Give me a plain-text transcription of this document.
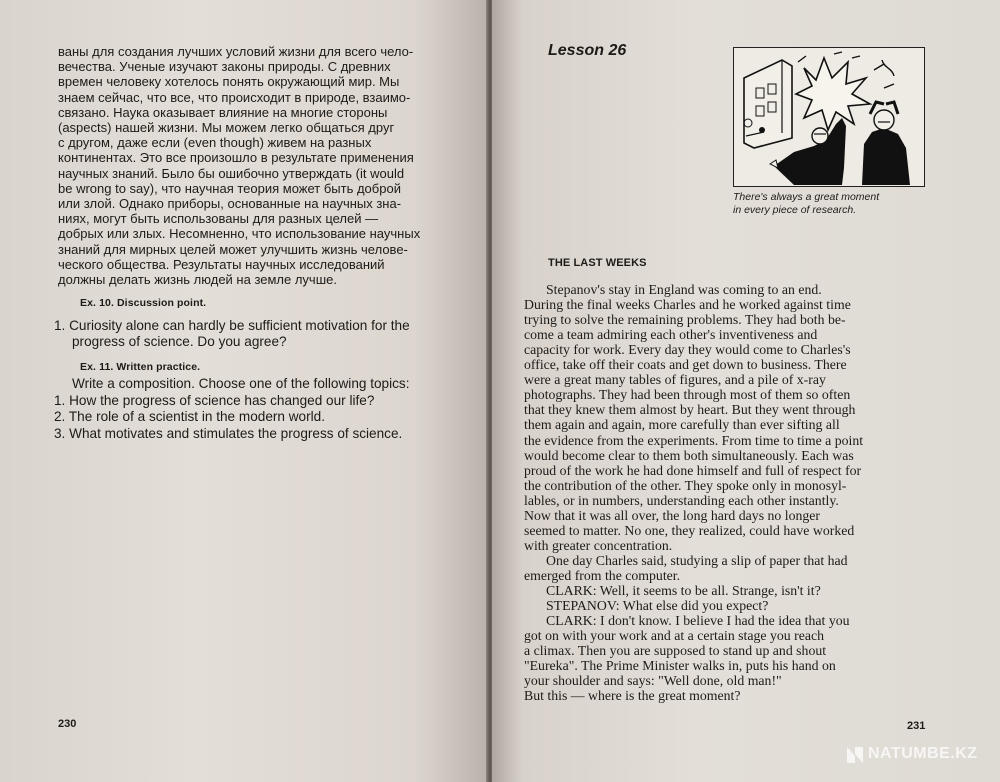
ваны для создания лучших условий жизни для всего чело-
вечества. Ученые изучают законы природы. С древних
времен человеку хотелось понять окружающий мир. Мы
знаем сейчас, что все, что происходит в природе, взаимо-
связано. Наука оказывает влияние на многие стороны
(aspects) нашей жизни. Мы можем легко общаться друг
с другом, даже если (even though) живем на разных
континентах. Это все произошло в результате применения
научных знаний. Было бы ошибочно утверждать (it would
be wrong to say), что научная теория может быть доброй
или злой. Однако приборы, основанные на научных зна-
ниях, могут быть использованы для разных целей —
добрых или злых. Несомненно, что использование научных
знаний для мирных целей может улучшить жизнь челове-
ческого общества. Результаты научных исследований
должны делать жизнь людей на земле лучше.
Ex. 10. Discussion point.
1. Curiosity alone can hardly be sufficient motivation for the
progress of science. Do you agree?
Ex. 11. Written practice.
Write a composition. Choose one of the following topics:
1. How the progress of science has changed our life?
2. The role of a scientist in the modern world.
3. What motivates and stimulates the progress of science.
230
Lesson 26
There's always a great moment
in every piece of research.
THE LAST WEEKS
Stepanov's stay in England was coming to an end.
During the final weeks Charles and he worked against time
trying to solve the remaining problems. They had both be-
come a team admiring each other's inventiveness and
capacity for work. Every day they would come to Charles's
office, take off their coats and get down to business. There
were a great many tables of figures, and a pile of x-ray
photographs. They had been through most of them so often
that they knew them almost by heart. But they went through
them again and again, more carefully than ever sifting all
the evidence from the experiments. From time to time a point
would become clear to them both simultaneously. Each was
proud of the work he had done himself and full of respect for
the contribution of the other. They spoke only in monosyl-
lables, or in numbers, understanding each other instantly.
Now that it was all over, the long hard days no longer
seemed to matter. No one, they realized, could have worked
with greater concentration.
One day Charles said, studying a slip of paper that had
emerged from the computer.
CLARK: Well, it seems to be all. Strange, isn't it?
STEPANOV: What else did you expect?
CLARK: I don't know. I believe I had the idea that you
got on with your work and at a certain stage you reach
a climax. Then you are supposed to stand up and shout
"Eureka". The Prime Minister walks in, puts his hand on
your shoulder and says: "Well done, old man!"
But this — where is the great moment?
231
NATUMBE.KZ
